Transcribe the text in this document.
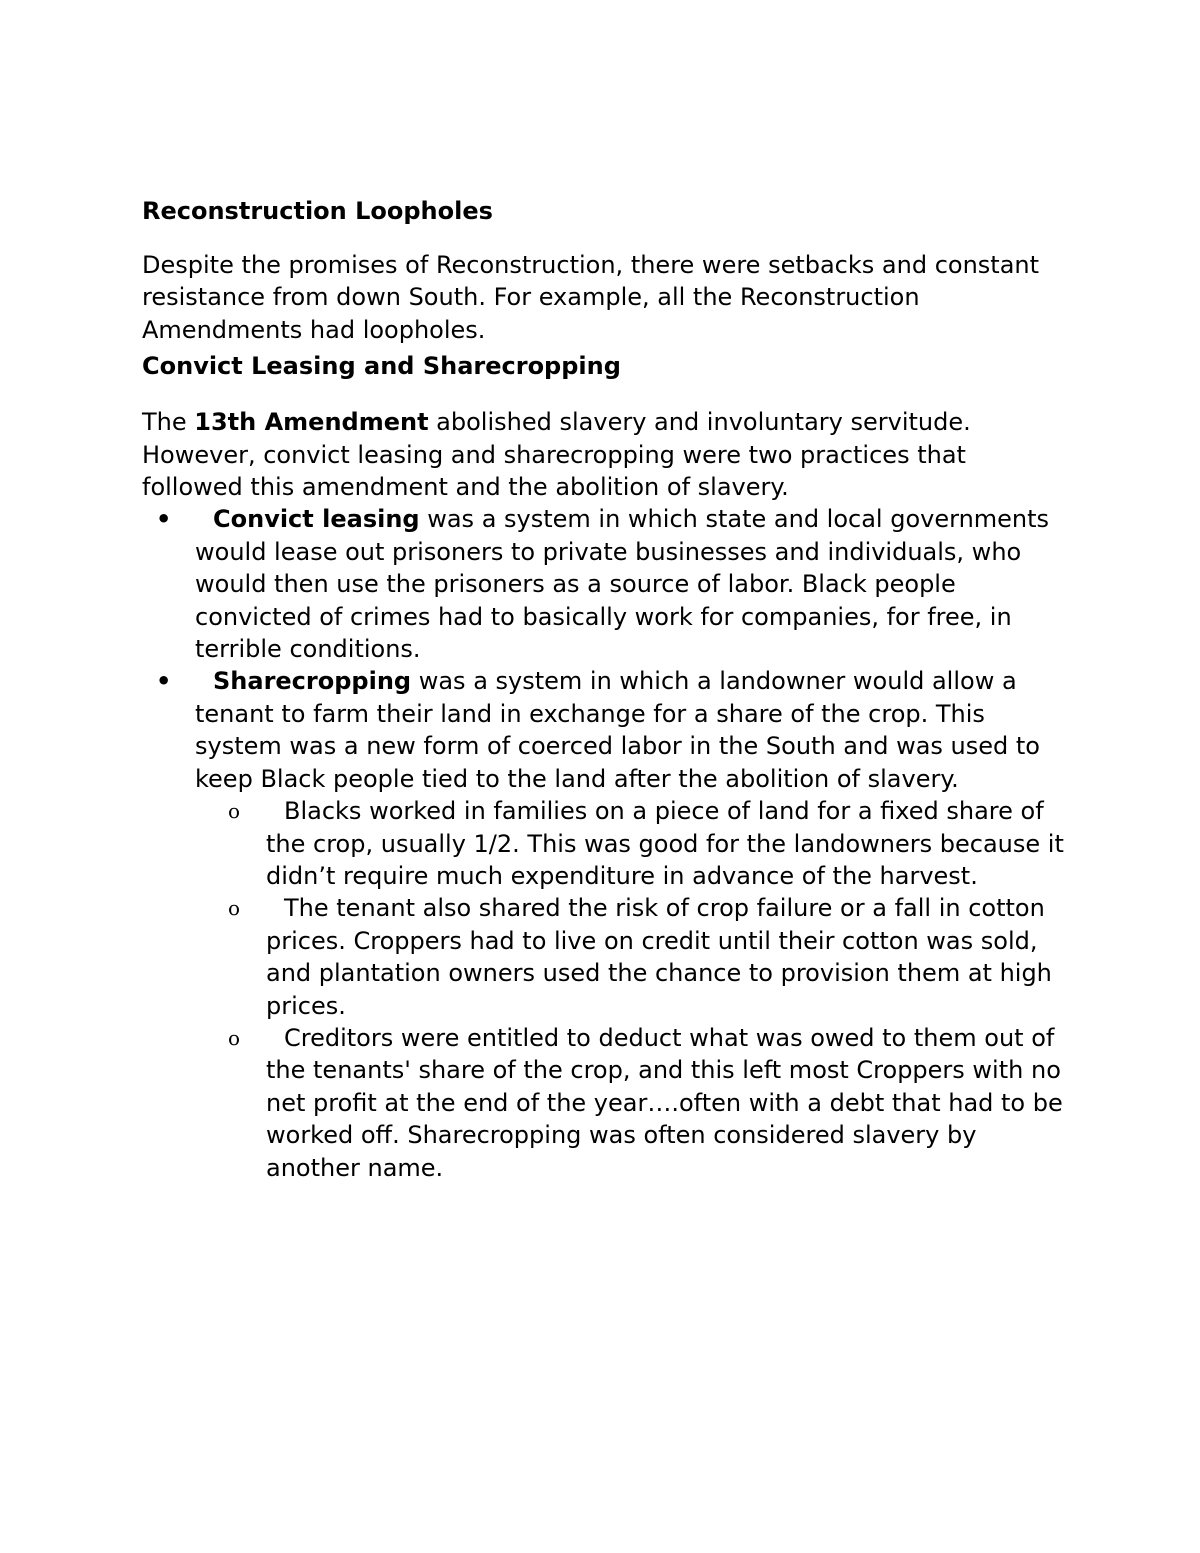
Reconstruction Loopholes

Despite the promises of Reconstruction, there were setbacks and constant resistance from down South. For example, all the Reconstruction Amendments had loopholes.

Convict Leasing and Sharecropping

The 13th Amendment abolished slavery and involuntary servitude. However, convict leasing and sharecropping were two practices that followed this amendment and the abolition of slavery.

•	Convict leasing was a system in which state and local governments would lease out prisoners to private businesses and individuals, who would then use the prisoners as a source of labor. Black people convicted of crimes had to basically work for companies, for free, in terrible conditions.
•	Sharecropping was a system in which a landowner would allow a tenant to farm their land in exchange for a share of the crop. This system was a new form of coerced labor in the South and was used to keep Black people tied to the land after the abolition of slavery.
o Blacks worked in families on a piece of land for a fixed share of the crop, usually 1/2. This was good for the landowners because it didn’t require much expenditure in advance of the harvest.
o The tenant also shared the risk of crop failure or a fall in cotton prices. Croppers had to live on credit until their cotton was sold, and plantation owners used the chance to provision them at high prices.
o Creditors were entitled to deduct what was owed to them out of the tenants' share of the crop, and this left most Croppers with no net profit at the end of the year….often with a debt that had to be worked off. Sharecropping was often considered slavery by another name.
